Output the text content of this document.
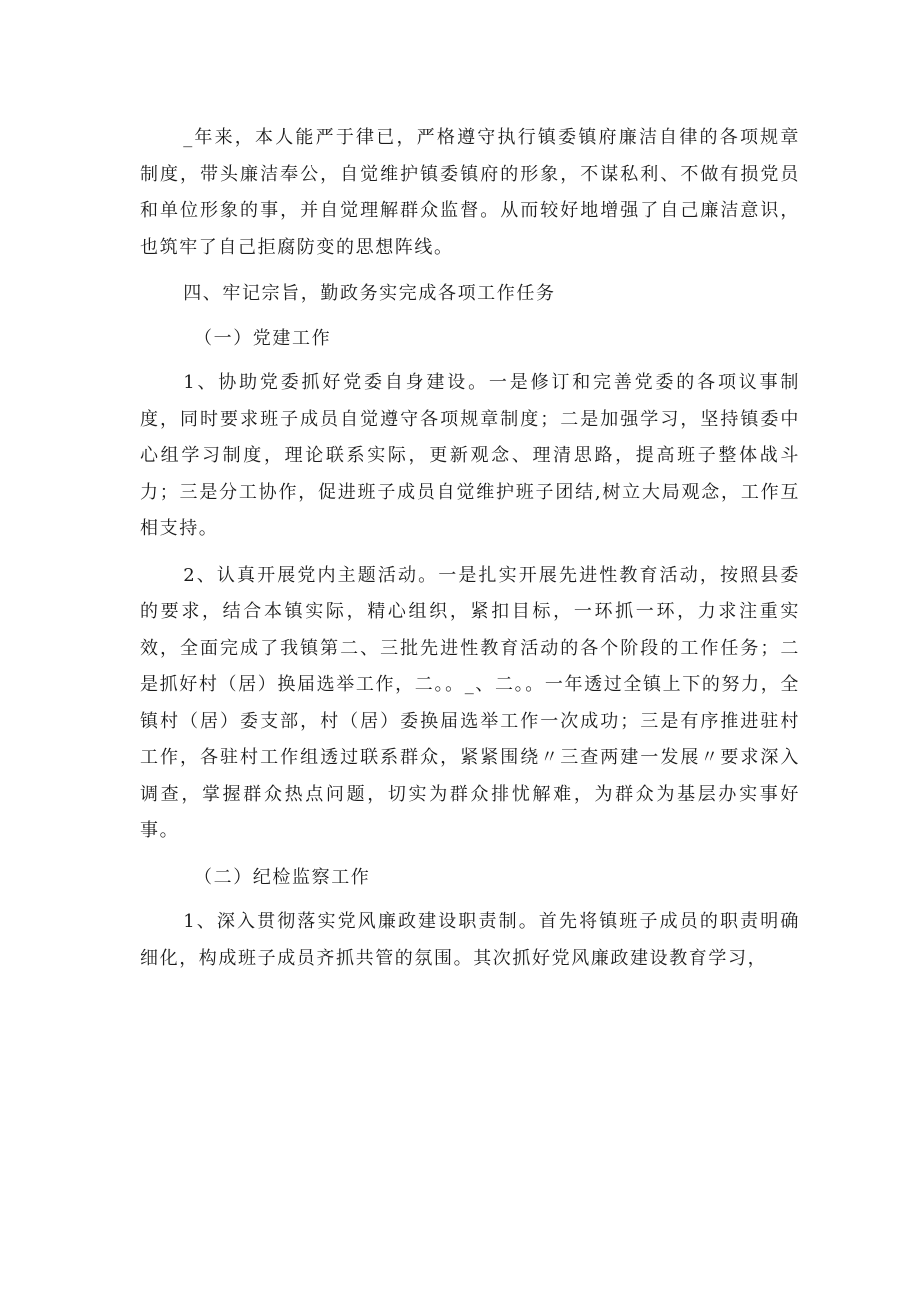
_年来，本人能严于律已，严格遵守执行镇委镇府廉洁自律的各项规章制度，带头廉洁奉公，自觉维护镇委镇府的形象，不谋私利、不做有损党员和单位形象的事，并自觉理解群众监督。从而较好地增强了自己廉洁意识，也筑牢了自己拒腐防变的思想阵线。

四、牢记宗旨，勤政务实完成各项工作任务

（一）党建工作

1、协助党委抓好党委自身建设。一是修订和完善党委的各项议事制度，同时要求班子成员自觉遵守各项规章制度；二是加强学习，坚持镇委中心组学习制度，理论联系实际，更新观念、理清思路，提高班子整体战斗力；三是分工协作，促进班子成员自觉维护班子团结,树立大局观念，工作互相支持。

2、认真开展党内主题活动。一是扎实开展先进性教育活动，按照县委的要求，结合本镇实际，精心组织，紧扣目标，一环抓一环，力求注重实效，全面完成了我镇第二、三批先进性教育活动的各个阶段的工作任务；二是抓好村（居）换届选举工作，二。。_、二。。一年透过全镇上下的努力，全镇村（居）委支部，村（居）委换届选举工作一次成功；三是有序推进驻村工作，各驻村工作组透过联系群众，紧紧围绕〃三查两建一发展〃要求深入调查，掌握群众热点问题，切实为群众排忧解难，为群众为基层办实事好事。

（二）纪检监察工作

1、深入贯彻落实党风廉政建设职责制。首先将镇班子成员的职责明确细化，构成班子成员齐抓共管的氛围。其次抓好党风廉政建设教育学习，
